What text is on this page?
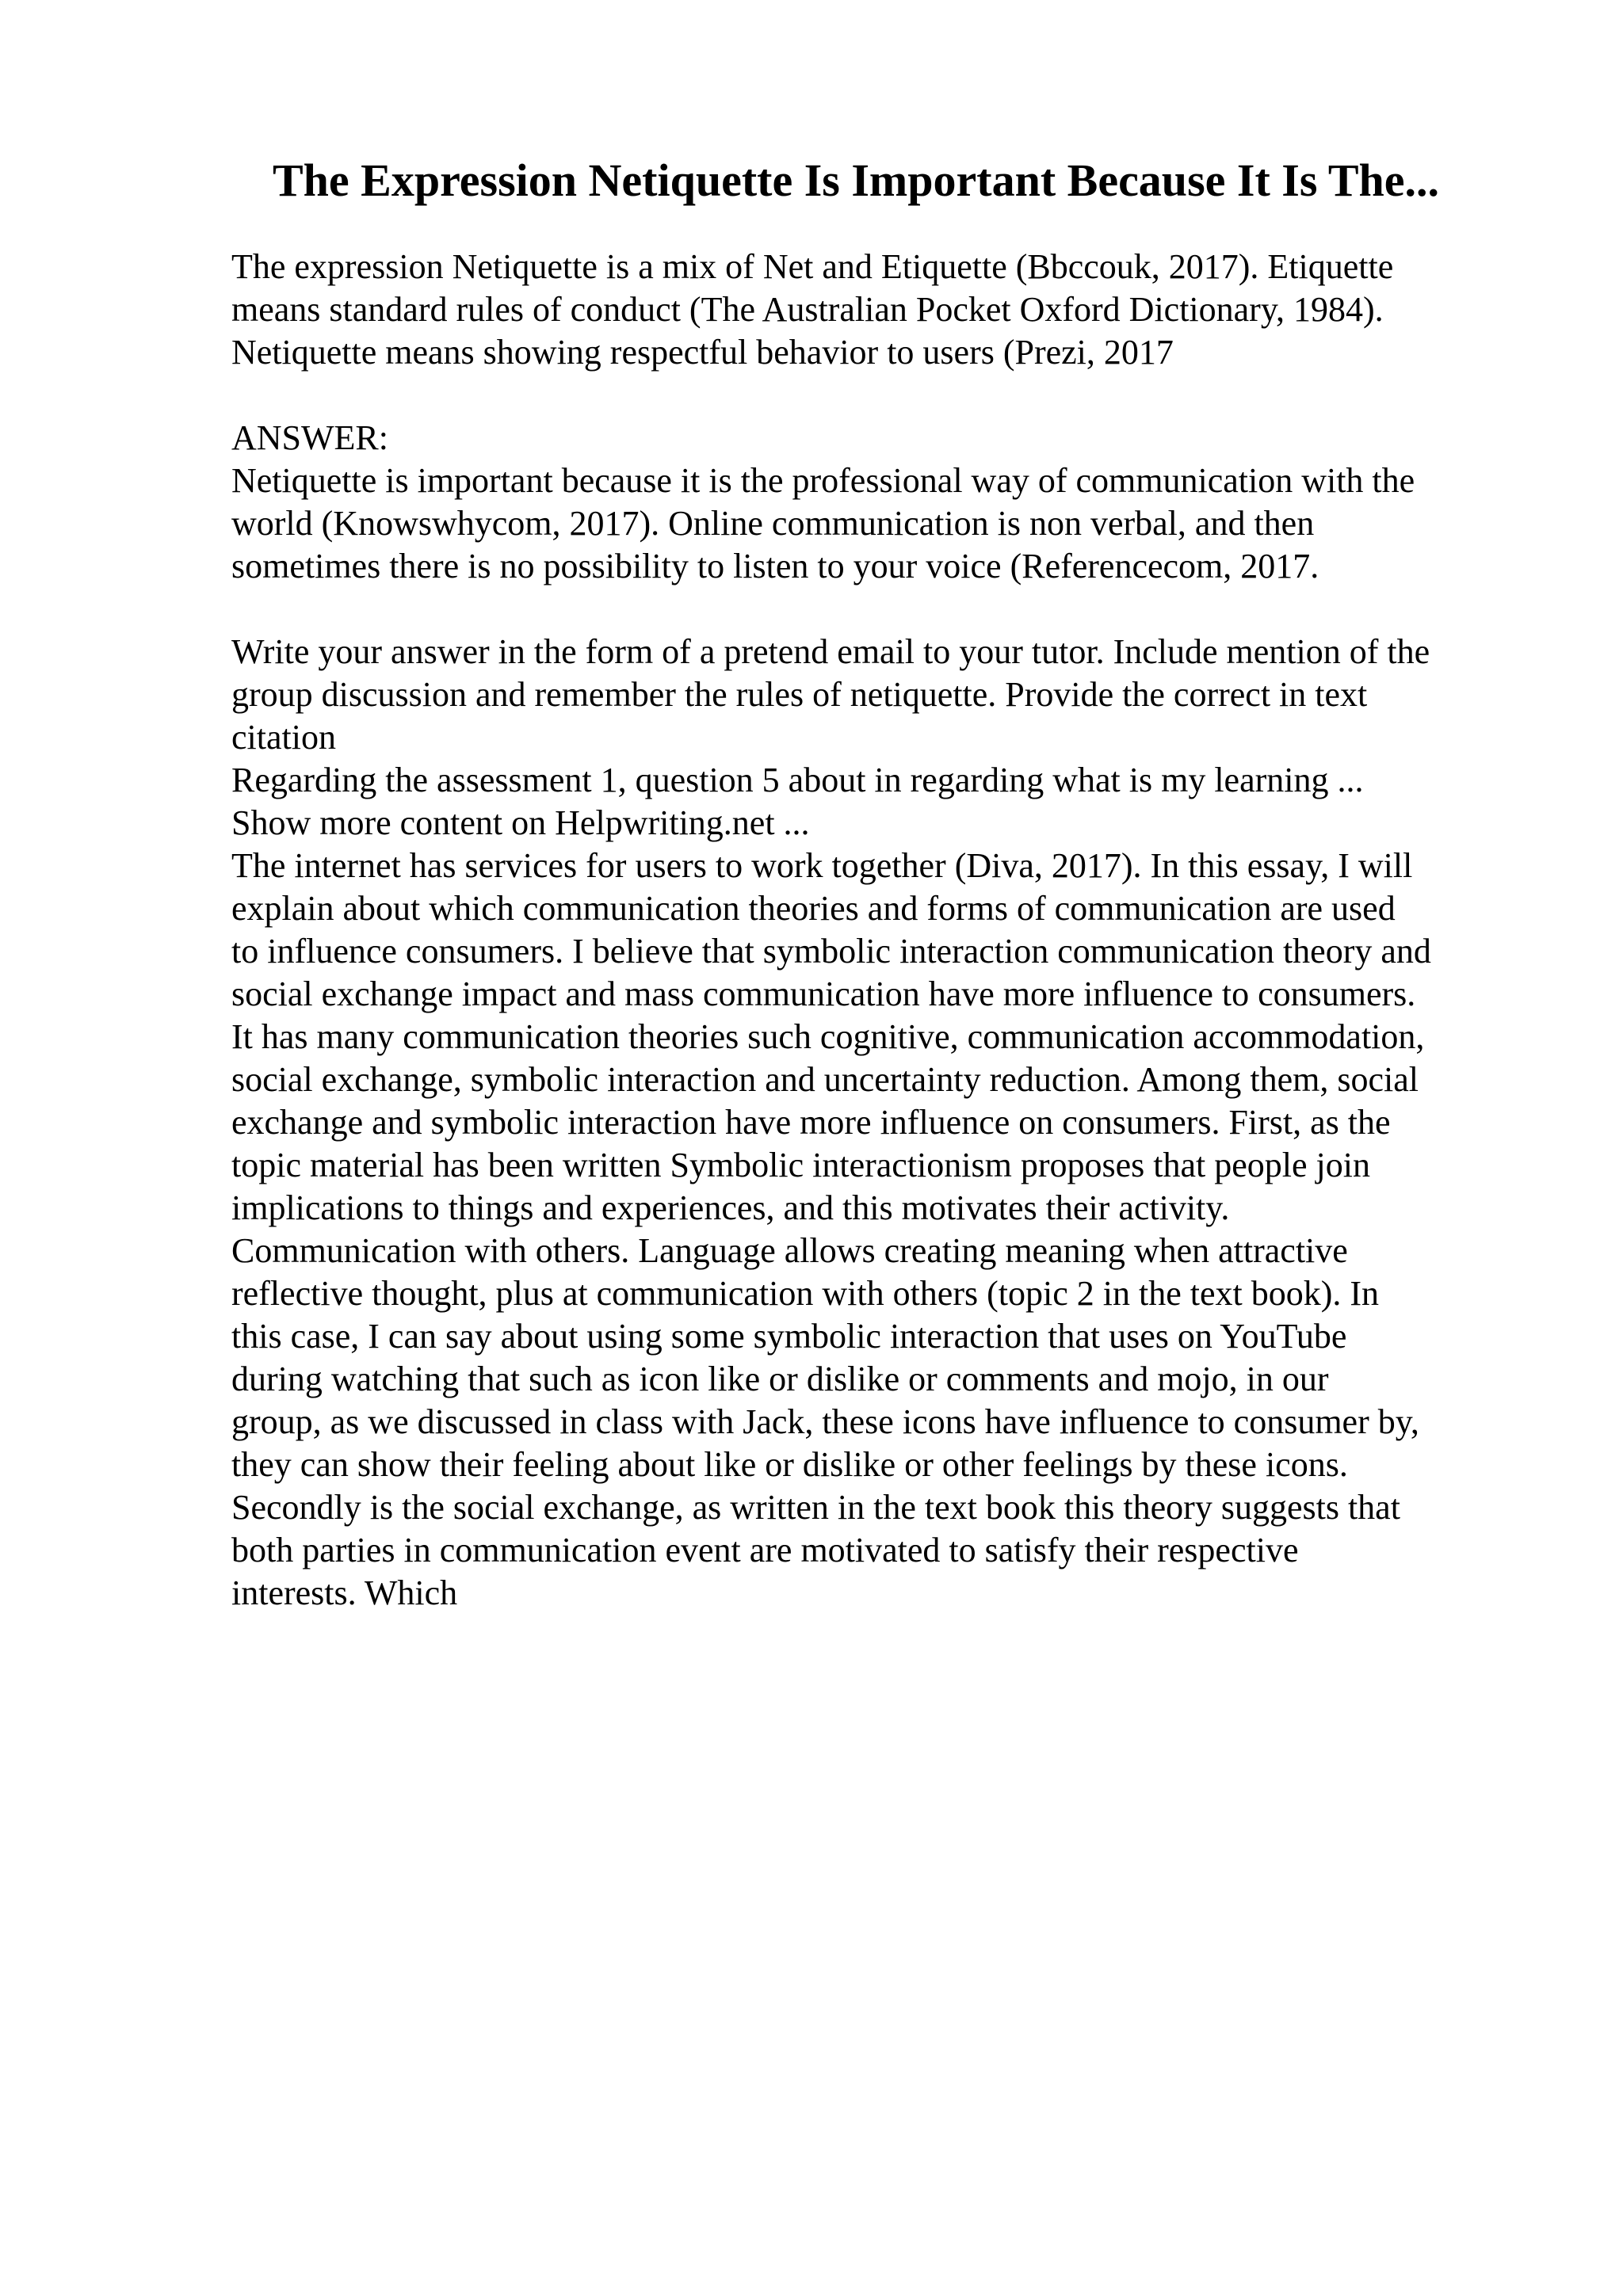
The Expression Netiquette Is Important Because It Is The...
The expression Netiquette is a mix of Net and Etiquette (Bbccouk, 2017). Etiquette
means standard rules of conduct (The Australian Pocket Oxford Dictionary, 1984).
Netiquette means showing respectful behavior to users (Prezi, 2017
ANSWER:
Netiquette is important because it is the professional way of communication with the
world (Knowswhycom, 2017). Online communication is non verbal, and then
sometimes there is no possibility to listen to your voice (Referencecom, 2017.
Write your answer in the form of a pretend email to your tutor. Include mention of the
group discussion and remember the rules of netiquette. Provide the correct in text
citation
Regarding the assessment 1, question 5 about in regarding what is my learning ...
Show more content on Helpwriting.net ...
The internet has services for users to work together (Diva, 2017). In this essay, I will
explain about which communication theories and forms of communication are used
to influence consumers. I believe that symbolic interaction communication theory and
social exchange impact and mass communication have more influence to consumers.
It has many communication theories such cognitive, communication accommodation,
social exchange, symbolic interaction and uncertainty reduction. Among them, social
exchange and symbolic interaction have more influence on consumers. First, as the
topic material has been written Symbolic interactionism proposes that people join
implications to things and experiences, and this motivates their activity.
Communication with others. Language allows creating meaning when attractive
reflective thought, plus at communication with others (topic 2 in the text book). In
this case, I can say about using some symbolic interaction that uses on YouTube
during watching that such as icon like or dislike or comments and mojo, in our
group, as we discussed in class with Jack, these icons have influence to consumer by,
they can show their feeling about like or dislike or other feelings by these icons.
Secondly is the social exchange, as written in the text book this theory suggests that
both parties in communication event are motivated to satisfy their respective
interests. Which
